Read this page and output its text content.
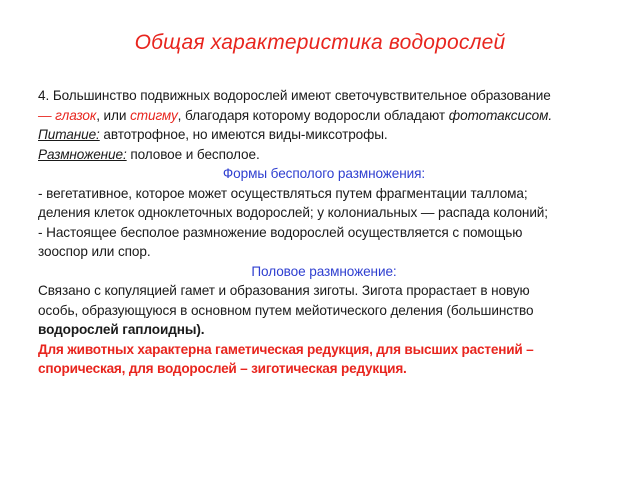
Общая характеристика водорослей
4. Большинство подвижных водорослей имеют светочувствительное образование
— глазок, или стигму, благодаря которому водоросли обладают фототаксисом.
Питание: автотрофное, но имеются виды-миксотрофы.
Размножение: половое и бесполое.
Формы бесполого размножения:
- вегетативное, которое может осуществляться путем фрагментации таллома;
деления клеток одноклеточных водорослей; у колониальных — распада колоний;
- Настоящее бесполое размножение водорослей осуществляется с помощью
зооспор или спор.
Половое размножение:
Связано с копуляцией гамет и образования зиготы. Зигота прорастает в новую
особь, образующуюся в основном путем мейотического деления (большинство
водорослей гаплоидны).
Для животных характерна гаметическая редукция, для высших растений –
спорическая, для водорослей – зиготическая редукция.
